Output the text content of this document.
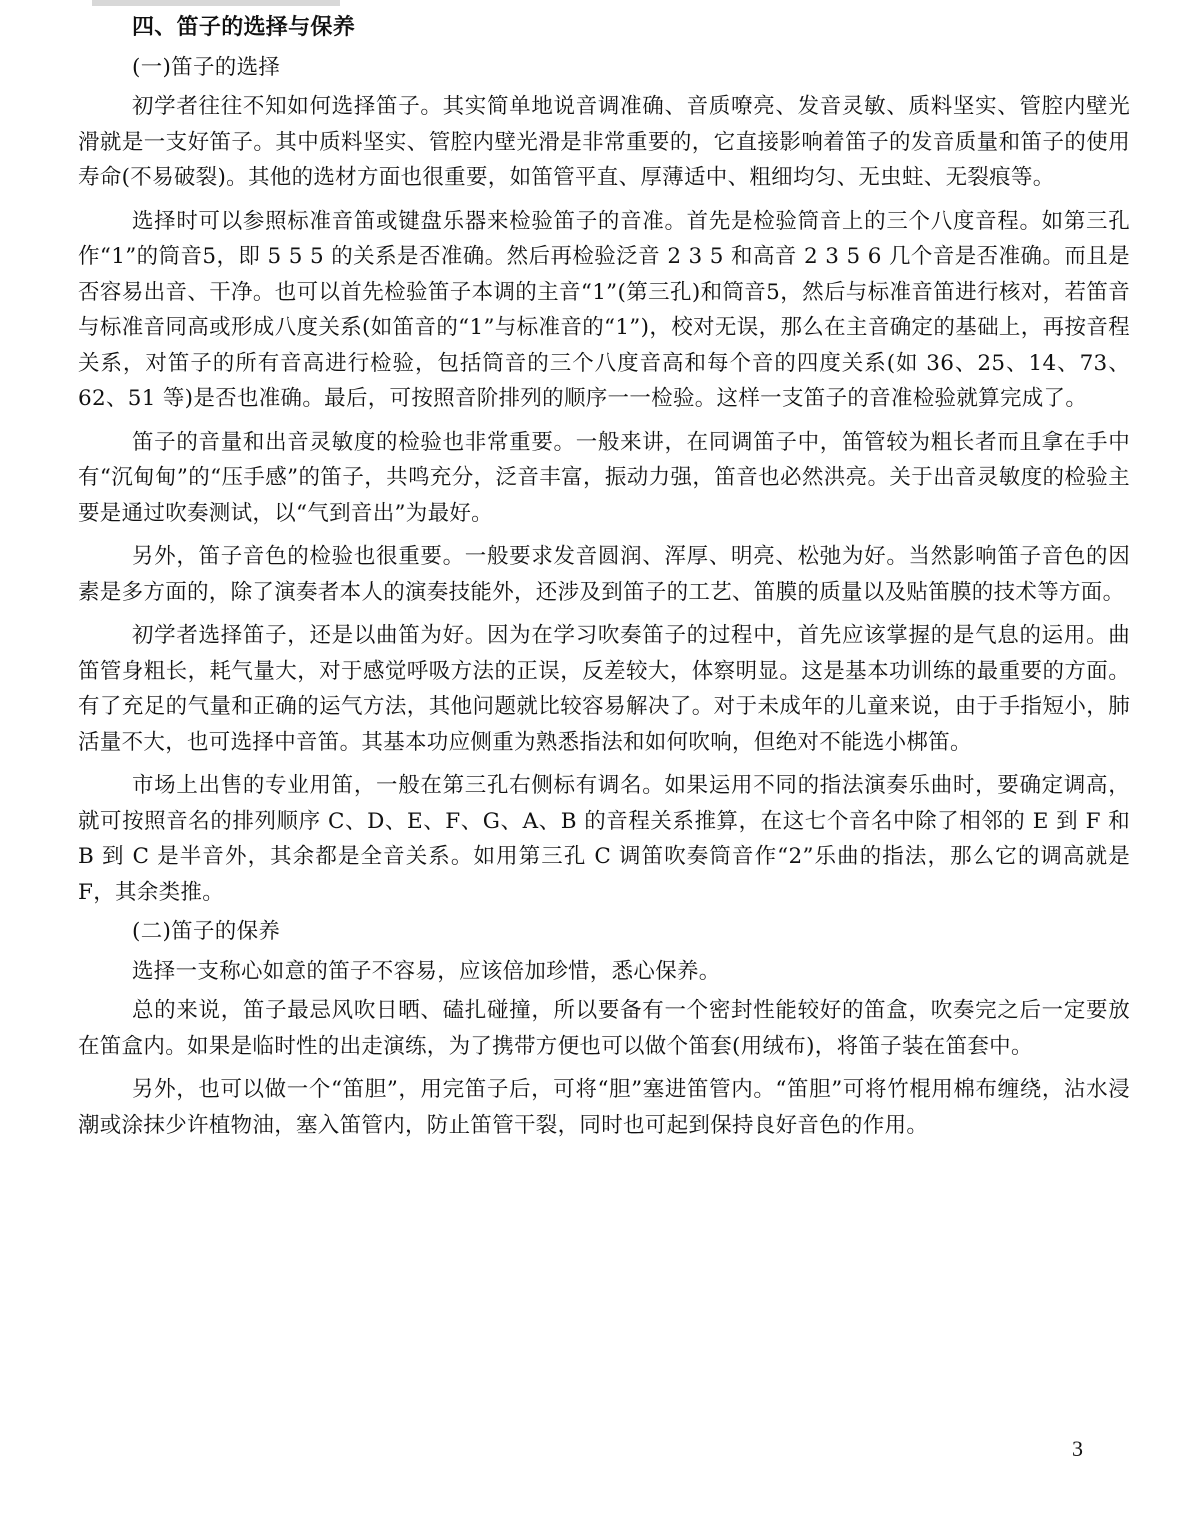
四、笛子的选择与保养

(一)笛子的选择

初学者往往不知如何选择笛子。其实简单地说音调准确、音质嘹亮、发音灵敏、质料坚实、管腔内壁光滑就是一支好笛子。其中质料坚实、管腔内壁光滑是非常重要的，它直接影响着笛子的发音质量和笛子的使用寿命(不易破裂)。其他的选材方面也很重要，如笛管平直、厚薄适中、粗细均匀、无虫蛀、无裂痕等。

选择时可以参照标准音笛或键盘乐器来检验笛子的音准。首先是检验筒音上的三个八度音程。如第三孔作“1”的筒音5，即 5 5 5 的关系是否准确。然后再检验泛音 2 3 5 和高音 2 3 5 6 几个音是否准确。而且是否容易出音、干净。也可以首先检验笛子本调的主音“1”(第三孔)和筒音5，然后与标准音笛进行核对，若笛音与标准音同高或形成八度关系(如笛音的“1”与标准音的“1”)，校对无误，那么在主音确定的基础上，再按音程关系，对笛子的所有音高进行检验，包括筒音的三个八度音高和每个音的四度关系(如 36、25、14、73、62、51 等)是否也准确。最后，可按照音阶排列的顺序一一检验。这样一支笛子的音准检验就算完成了。

笛子的音量和出音灵敏度的检验也非常重要。一般来讲，在同调笛子中，笛管较为粗长者而且拿在手中有“沉甸甸”的“压手感”的笛子，共鸣充分，泛音丰富，振动力强，笛音也必然洪亮。关于出音灵敏度的检验主要是通过吹奏测试，以“气到音出”为最好。

另外，笛子音色的检验也很重要。一般要求发音圆润、浑厚、明亮、松弛为好。当然影响笛子音色的因素是多方面的，除了演奏者本人的演奏技能外，还涉及到笛子的工艺、笛膜的质量以及贴笛膜的技术等方面。

初学者选择笛子，还是以曲笛为好。因为在学习吹奏笛子的过程中，首先应该掌握的是气息的运用。曲笛管身粗长，耗气量大，对于感觉呼吸方法的正误，反差较大，体察明显。这是基本功训练的最重要的方面。有了充足的气量和正确的运气方法，其他问题就比较容易解决了。对于未成年的儿童来说，由于手指短小，肺活量不大，也可选择中音笛。其基本功应侧重为熟悉指法和如何吹响，但绝对不能选小梆笛。

市场上出售的专业用笛，一般在第三孔右侧标有调名。如果运用不同的指法演奏乐曲时，要确定调高，就可按照音名的排列顺序 C、D、E、F、G、A、B 的音程关系推算，在这七个音名中除了相邻的 E 到 F 和 B 到 C 是半音外，其余都是全音关系。如用第三孔 C 调笛吹奏筒音作“2”乐曲的指法，那么它的调高就是 F，其余类推。

(二)笛子的保养

选择一支称心如意的笛子不容易，应该倍加珍惜，悉心保养。

总的来说，笛子最忌风吹日晒、磕扎碰撞，所以要备有一个密封性能较好的笛盒，吹奏完之后一定要放在笛盒内。如果是临时性的出走演练，为了携带方便也可以做个笛套(用绒布)，将笛子装在笛套中。

另外，也可以做一个“笛胆”，用完笛子后，可将“胆”塞进笛管内。“笛胆”可将竹棍用棉布缠绕，沾水浸潮或涂抹少许植物油，塞入笛管内，防止笛管干裂，同时也可起到保持良好音色的作用。

3
